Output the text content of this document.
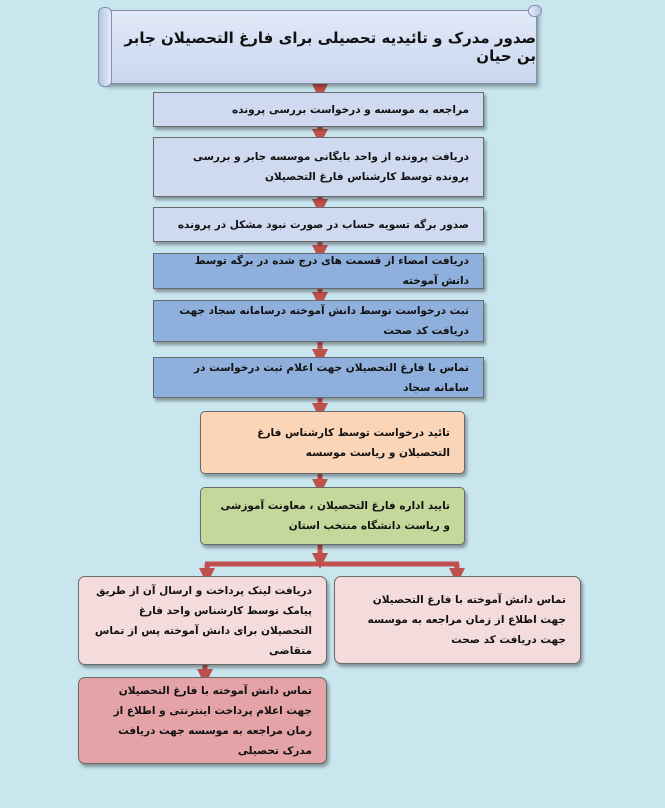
صدور مدرک و تائیدیه تحصیلی برای فارغ التحصیلان جابر بن حیان
مراجعه به موسسه و درخواست بررسی پرونده
دریافت پرونده از واحد بایگانی موسسه جابر و بررسی پرونده توسط کارشناس فارغ التحصیلان
صدور برگه تسویه حساب در صورت نبود مشکل در پرونده
دریافت امضاء از قسمت های درج شده در برگه توسط دانش آموخته
ثبت درخواست توسط دانش آموخته درسامانه سجاد جهت دریافت کد صحت
تماس با فارغ التحصیلان جهت اعلام ثبت درخواست در سامانه سجاد
تائید درخواست توسط کارشناس فارغ التحصیلان و ریاست موسسه
تایید اداره فارغ التحصیلان ، معاونت آموزشی و ریاست دانشگاه منتخب استان
تماس دانش آموخته با فارغ التحصیلان جهت اطلاع از زمان مراجعه به موسسه جهت دریافت کد صحت
دریافت لینک پرداخت و ارسال آن از طریق پیامک توسط کارشناس واحد فارغ التحصیلان برای دانش آموخته پس از تماس متقاضی
تماس دانش آموخته با فارغ التحصیلان جهت اعلام پرداخت اینترنتی و اطلاع از زمان مراجعه به موسسه جهت دریافت مدرک تحصیلی
